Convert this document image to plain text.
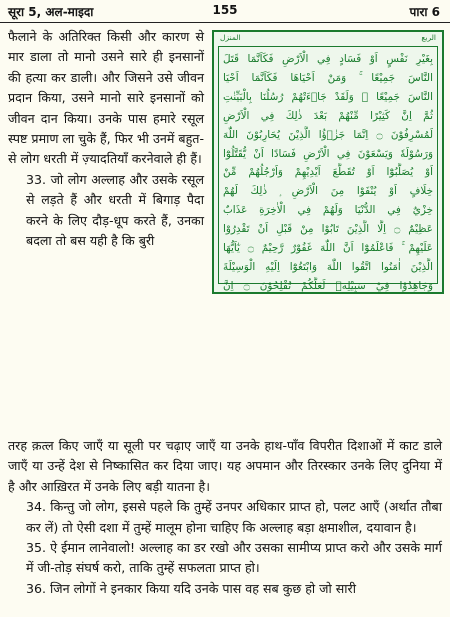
सूरा 5, अल-माइदा	155	पारा 6

फैलाने के अतिरिक्त किसी और कारण से मार डाला तो मानो उसने सारे ही इनसानों की हत्या कर डाली। और जिसने उसे जीवन प्रदान किया, उसने मानो सारे इनसानों को जीवन दान किया। उनके पास हमारे रसूल स्पष्ट प्रमाण ला चुके हैं, फिर भी उनमें बहुत-से लोग धरती में ज़्यादतियाँ करनेवाले ही हैं।

33. जो लोग अल्लाह और उसके रसूल से लड़ते हैं और धरती में बिगाड़ पैदा करने के लिए दौड़-धूप करते हैं, उनका बदला तो बस यही है कि बुरी

المنزل	الربع
بِغَيْرِ نَفْسٍ اَوْ فَسَادٍ فِي الْاَرْضِ فَكَاَنَّمَا قَتَلَ
النَّاسَ جَمِيْعًا ۚ وَمَنْ اَحْيَاهَا فَكَاَنَّمَا اَحْيَا
النَّاسَ جَمِيْعًا ۚ وَلَقَدْ جَاۗءَتْهُمْ رُسُلُنَا بِالْبَيِّنٰتِ
ثُمَّ اِنَّ كَثِيْرًا مِّنْهُمْ بَعْدَ ذٰلِكَ فِي الْاَرْضِ
لَمُسْرِفُوْنَ ۝ اِنَّمَا جَزٰۗؤُا الَّذِيْنَ يُحَارِبُوْنَ اللّٰهَ
وَرَسُوْلَهٗ وَيَسْعَوْنَ فِي الْاَرْضِ فَسَادًا اَنْ يُّقَتَّلُوْٓا
اَوْ يُصَلَّبُوْٓا اَوْ تُقَطَّعَ اَيْدِيْهِمْ وَاَرْجُلُهُمْ مِّنْ
خِلَافٍ اَوْ يُنْفَوْا مِنَ الْاَرْضِ ۭ ذٰلِكَ لَهُمْ
خِزْيٌ فِي الدُّنْيَا وَلَهُمْ فِي الْاٰخِرَةِ عَذَابٌ
عَظِيْمٌ ۝ اِلَّا الَّذِيْنَ تَابُوْا مِنْ قَبْلِ اَنْ تَقْدِرُوْا
عَلَيْهِمْ ۚ فَاعْلَمُوْٓا اَنَّ اللّٰهَ غَفُوْرٌ رَّحِيْمٌ ۝ يٰٓاَيُّهَا
الَّذِيْنَ اٰمَنُوا اتَّقُوا اللّٰهَ وَابْتَغُوْٓا اِلَيْهِ الْوَسِيْلَةَ
وَجَاهِدُوْا فِيْ سَبِيْلِهٖ لَعَلَّكُمْ تُفْلِحُوْنَ ۝ اِنَّ

तरह क़त्ल किए जाएँ या सूली पर चढ़ाए जाएँ या उनके हाथ-पाँव विपरीत दिशाओं में काट डाले जाएँ या उन्हें देश से निष्कासित कर दिया जाए। यह अपमान और तिरस्कार उनके लिए दुनिया में है और आख़िरत में उनके लिए बड़ी यातना है।

34. किन्तु जो लोग, इससे पहले कि तुम्हें उनपर अधिकार प्राप्त हो, पलट आएँ (अर्थात तौबा कर लें) तो ऐसी दशा में तुम्हें मालूम होना चाहिए कि अल्लाह बड़ा क्षमाशील, दयावान है।

35. ऐ ईमान लानेवालो! अल्लाह का डर रखो और उसका सामीप्य प्राप्त करो और उसके मार्ग में जी-तोड़ संघर्ष करो, ताकि तुम्हें सफलता प्राप्त हो।

36. जिन लोगों ने इनकार किया यदि उनके पास वह सब कुछ हो जो सारी
